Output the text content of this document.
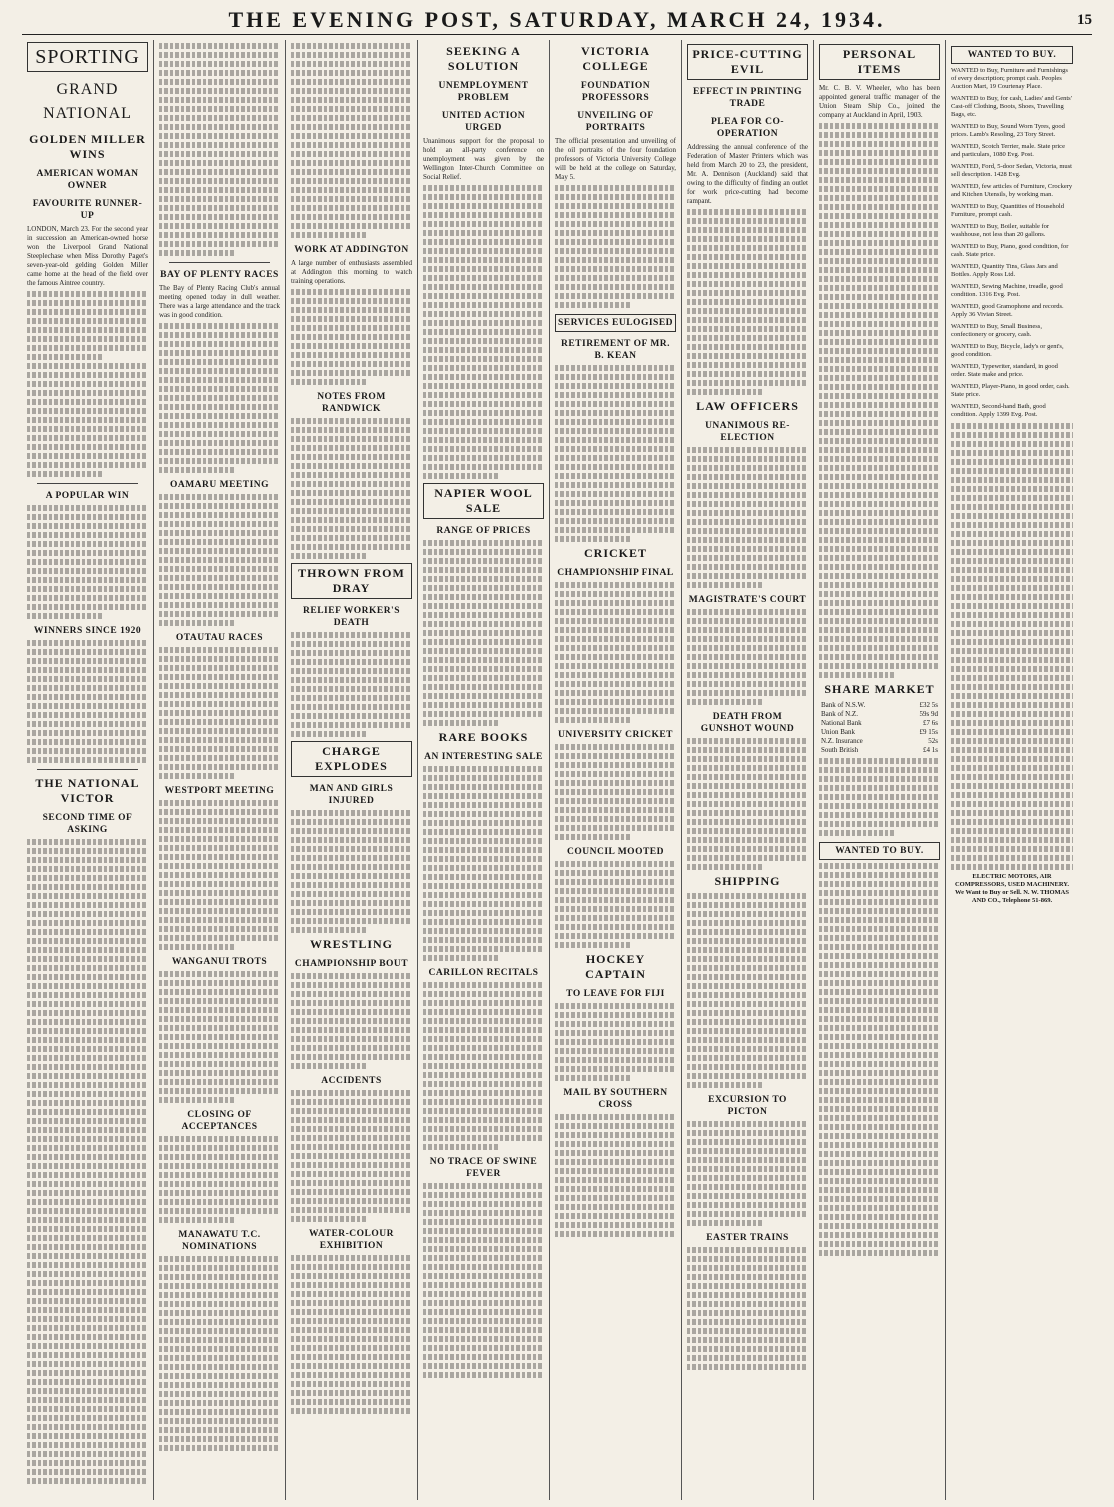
THE EVENING POST, SATURDAY, MARCH 24, 1934.	15
SPORTING
GRAND NATIONAL
GOLDEN MILLER WINS
AMERICAN WOMAN OWNER
FAVOURITE RUNNER-UP
LONDON, March 23. For the second year in succession an American-owned horse won the Liverpool Grand National Steeplechase when Miss Dorothy Paget's seven-year-old gelding Golden Miller came home at the head of the field over the famous Aintree country.
A POPULAR WIN
WINNERS SINCE 1920
THE NATIONAL VICTOR
SECOND TIME OF ASKING
BAY OF PLENTY RACES
The Bay of Plenty Racing Club's annual meeting opened today in dull weather. There was a large attendance and the track was in good condition.
OAMARU MEETING
OTAUTAU RACES
WESTPORT MEETING
WANGANUI TROTS
CLOSING OF ACCEPTANCES
MANAWATU T.C. NOMINATIONS
WORK AT ADDINGTON
A large number of enthusiasts assembled at Addington this morning to watch training operations.
NOTES FROM RANDWICK
THROWN FROM DRAY
RELIEF WORKER'S DEATH
CHARGE EXPLODES
MAN AND GIRLS INJURED
WRESTLING
CHAMPIONSHIP BOUT
ACCIDENTS
WATER-COLOUR EXHIBITION
SEEKING A SOLUTION
UNEMPLOYMENT PROBLEM
UNITED ACTION URGED
Unanimous support for the proposal to hold an all-party conference on unemployment was given by the Wellington Inter-Church Committee on Social Relief.
NAPIER WOOL SALE
RANGE OF PRICES
RARE BOOKS
AN INTERESTING SALE
CARILLON RECITALS
NO TRACE OF SWINE FEVER
VICTORIA COLLEGE
FOUNDATION PROFESSORS
UNVEILING OF PORTRAITS
The official presentation and unveiling of the oil portraits of the four foundation professors of Victoria University College will be held at the college on Saturday, May 5.
SERVICES EULOGISED
RETIREMENT OF MR. B. KEAN
CRICKET
CHAMPIONSHIP FINAL
UNIVERSITY CRICKET
COUNCIL MOOTED
HOCKEY CAPTAIN
TO LEAVE FOR FIJI
MAIL BY SOUTHERN CROSS
PRICE-CUTTING EVIL
EFFECT IN PRINTING TRADE
PLEA FOR CO-OPERATION
Addressing the annual conference of the Federation of Master Printers which was held from March 20 to 23, the president, Mr. A. Dennison (Auckland) said that owing to the difficulty of finding an outlet for work price-cutting had become rampant.
LAW OFFICERS
UNANIMOUS RE-ELECTION
MAGISTRATE'S COURT
DEATH FROM GUNSHOT WOUND
SHIPPING
EXCURSION TO PICTON
EASTER TRAINS
PERSONAL ITEMS
Mr. C. B. V. Wheeler, who has been appointed general traffic manager of the Union Steam Ship Co., joined the company at Auckland in April, 1903.
SHARE MARKET
Bank of N.S.W.	£32 5s
Bank of N.Z.	59s 9d
National Bank	£7 6s
Union Bank	£9 15s
N.Z. Insurance	52s
South British	£4 1s
WANTED TO BUY.
WANTED TO BUY.
WANTED to Buy, Furniture and Furnishings of every description; prompt cash. Peoples Auction Mart, 19 Courtenay Place.
WANTED to Buy, for cash, Ladies' and Gents' Cast-off Clothing, Boots, Shoes, Travelling Bags, etc.
WANTED to Buy, Sound Worn Tyres, good prices. Lamb's Resoling, 23 Tory Street.
WANTED, Scotch Terrier, male. State price and particulars, 1080 Evg. Post.
WANTED, Ford, 5-door Sedan, Victoria, must sell description. 1428 Evg.
WANTED, few articles of Furniture, Crockery and Kitchen Utensils, by working man.
WANTED to Buy, Quantities of Household Furniture, prompt cash.
WANTED to Buy, Boiler, suitable for washhouse, not less than 20 gallons.
WANTED to Buy, Piano, good condition, for cash. State price.
WANTED, Quantity Tins, Glass Jars and Bottles. Apply Ross Ltd.
WANTED, Sewing Machine, treadle, good condition. 1316 Evg. Post.
WANTED, good Gramophone and records. Apply 36 Vivian Street.
WANTED to Buy, Small Business, confectionery or grocery, cash.
WANTED to Buy, Bicycle, lady's or gent's, good condition.
WANTED, Typewriter, standard, in good order. State make and price.
WANTED, Player-Piano, in good order, cash. State price.
WANTED, Second-hand Bath, good condition. Apply 1399 Evg. Post.
ELECTRIC MOTORS, AIR COMPRESSORS, USED MACHINERY. We Want to Buy or Sell. N. W. THOMAS AND CO., Telephone 51-869.
